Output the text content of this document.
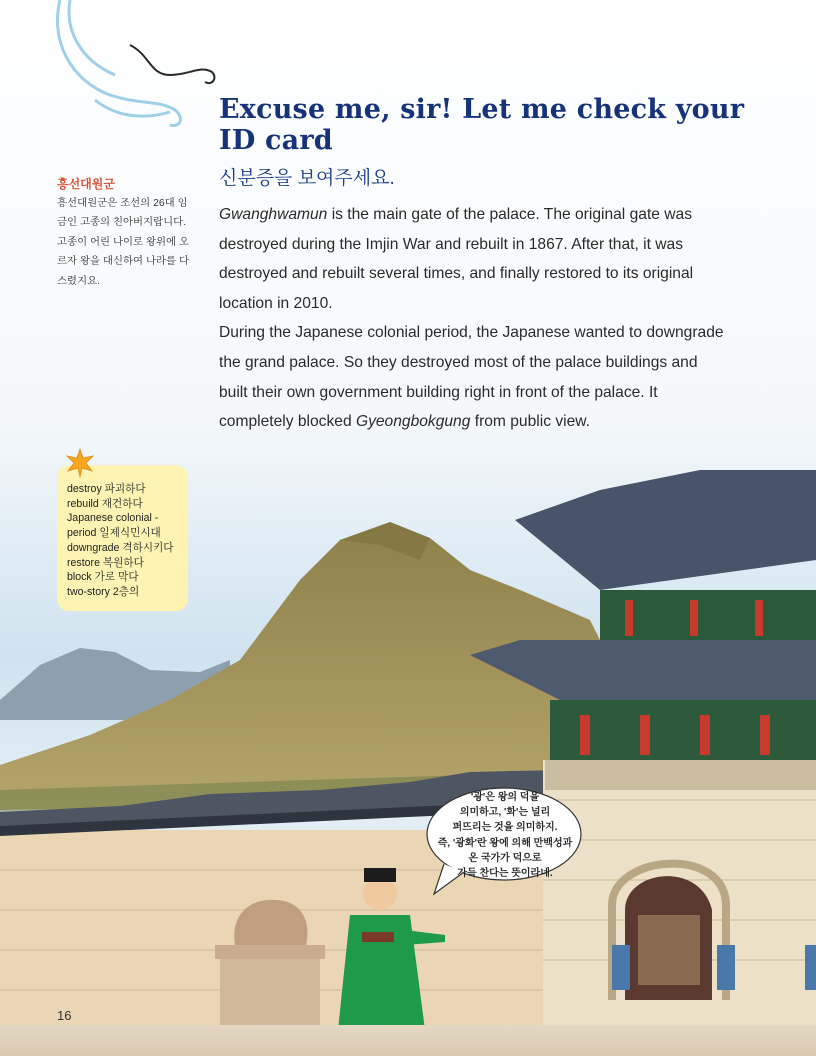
'광'은 왕의 덕을
의미하고, '화'는 널리
퍼뜨리는 것을 의미하지.
즉, '광화'란 왕에 의해 만백성과
온 국가가 덕으로
가득 찬다는 뜻이라네.
Excuse me, sir! Let me check your ID card
신분증을 보여주세요.

Gwanghwamun is the main gate of the palace. The original gate was destroyed during the Imjin War and rebuilt in 1867. After that, it was destroyed and rebuilt several times, and finally restored to its original location in 2010.

During the Japanese colonial period, the Japanese wanted to downgrade the grand palace. So they destroyed most of the palace buildings and built their own government building right in front of the palace. It completely blocked Gyeongbokgung from public view.

흥선대원군
흥선대원군은 조선의 26대 임금인 고종의 친아버지랍니다. 고종이 어린 나이로 왕위에 오르자 왕을 대신하여 나라를 다스렸지요.
destroy 파괴하다
rebuild 재건하다
Japanese colonial -
period 일제식민시대
downgrade 격하시키다
restore 복원하다
block 가로 막다
two-story 2층의
16
